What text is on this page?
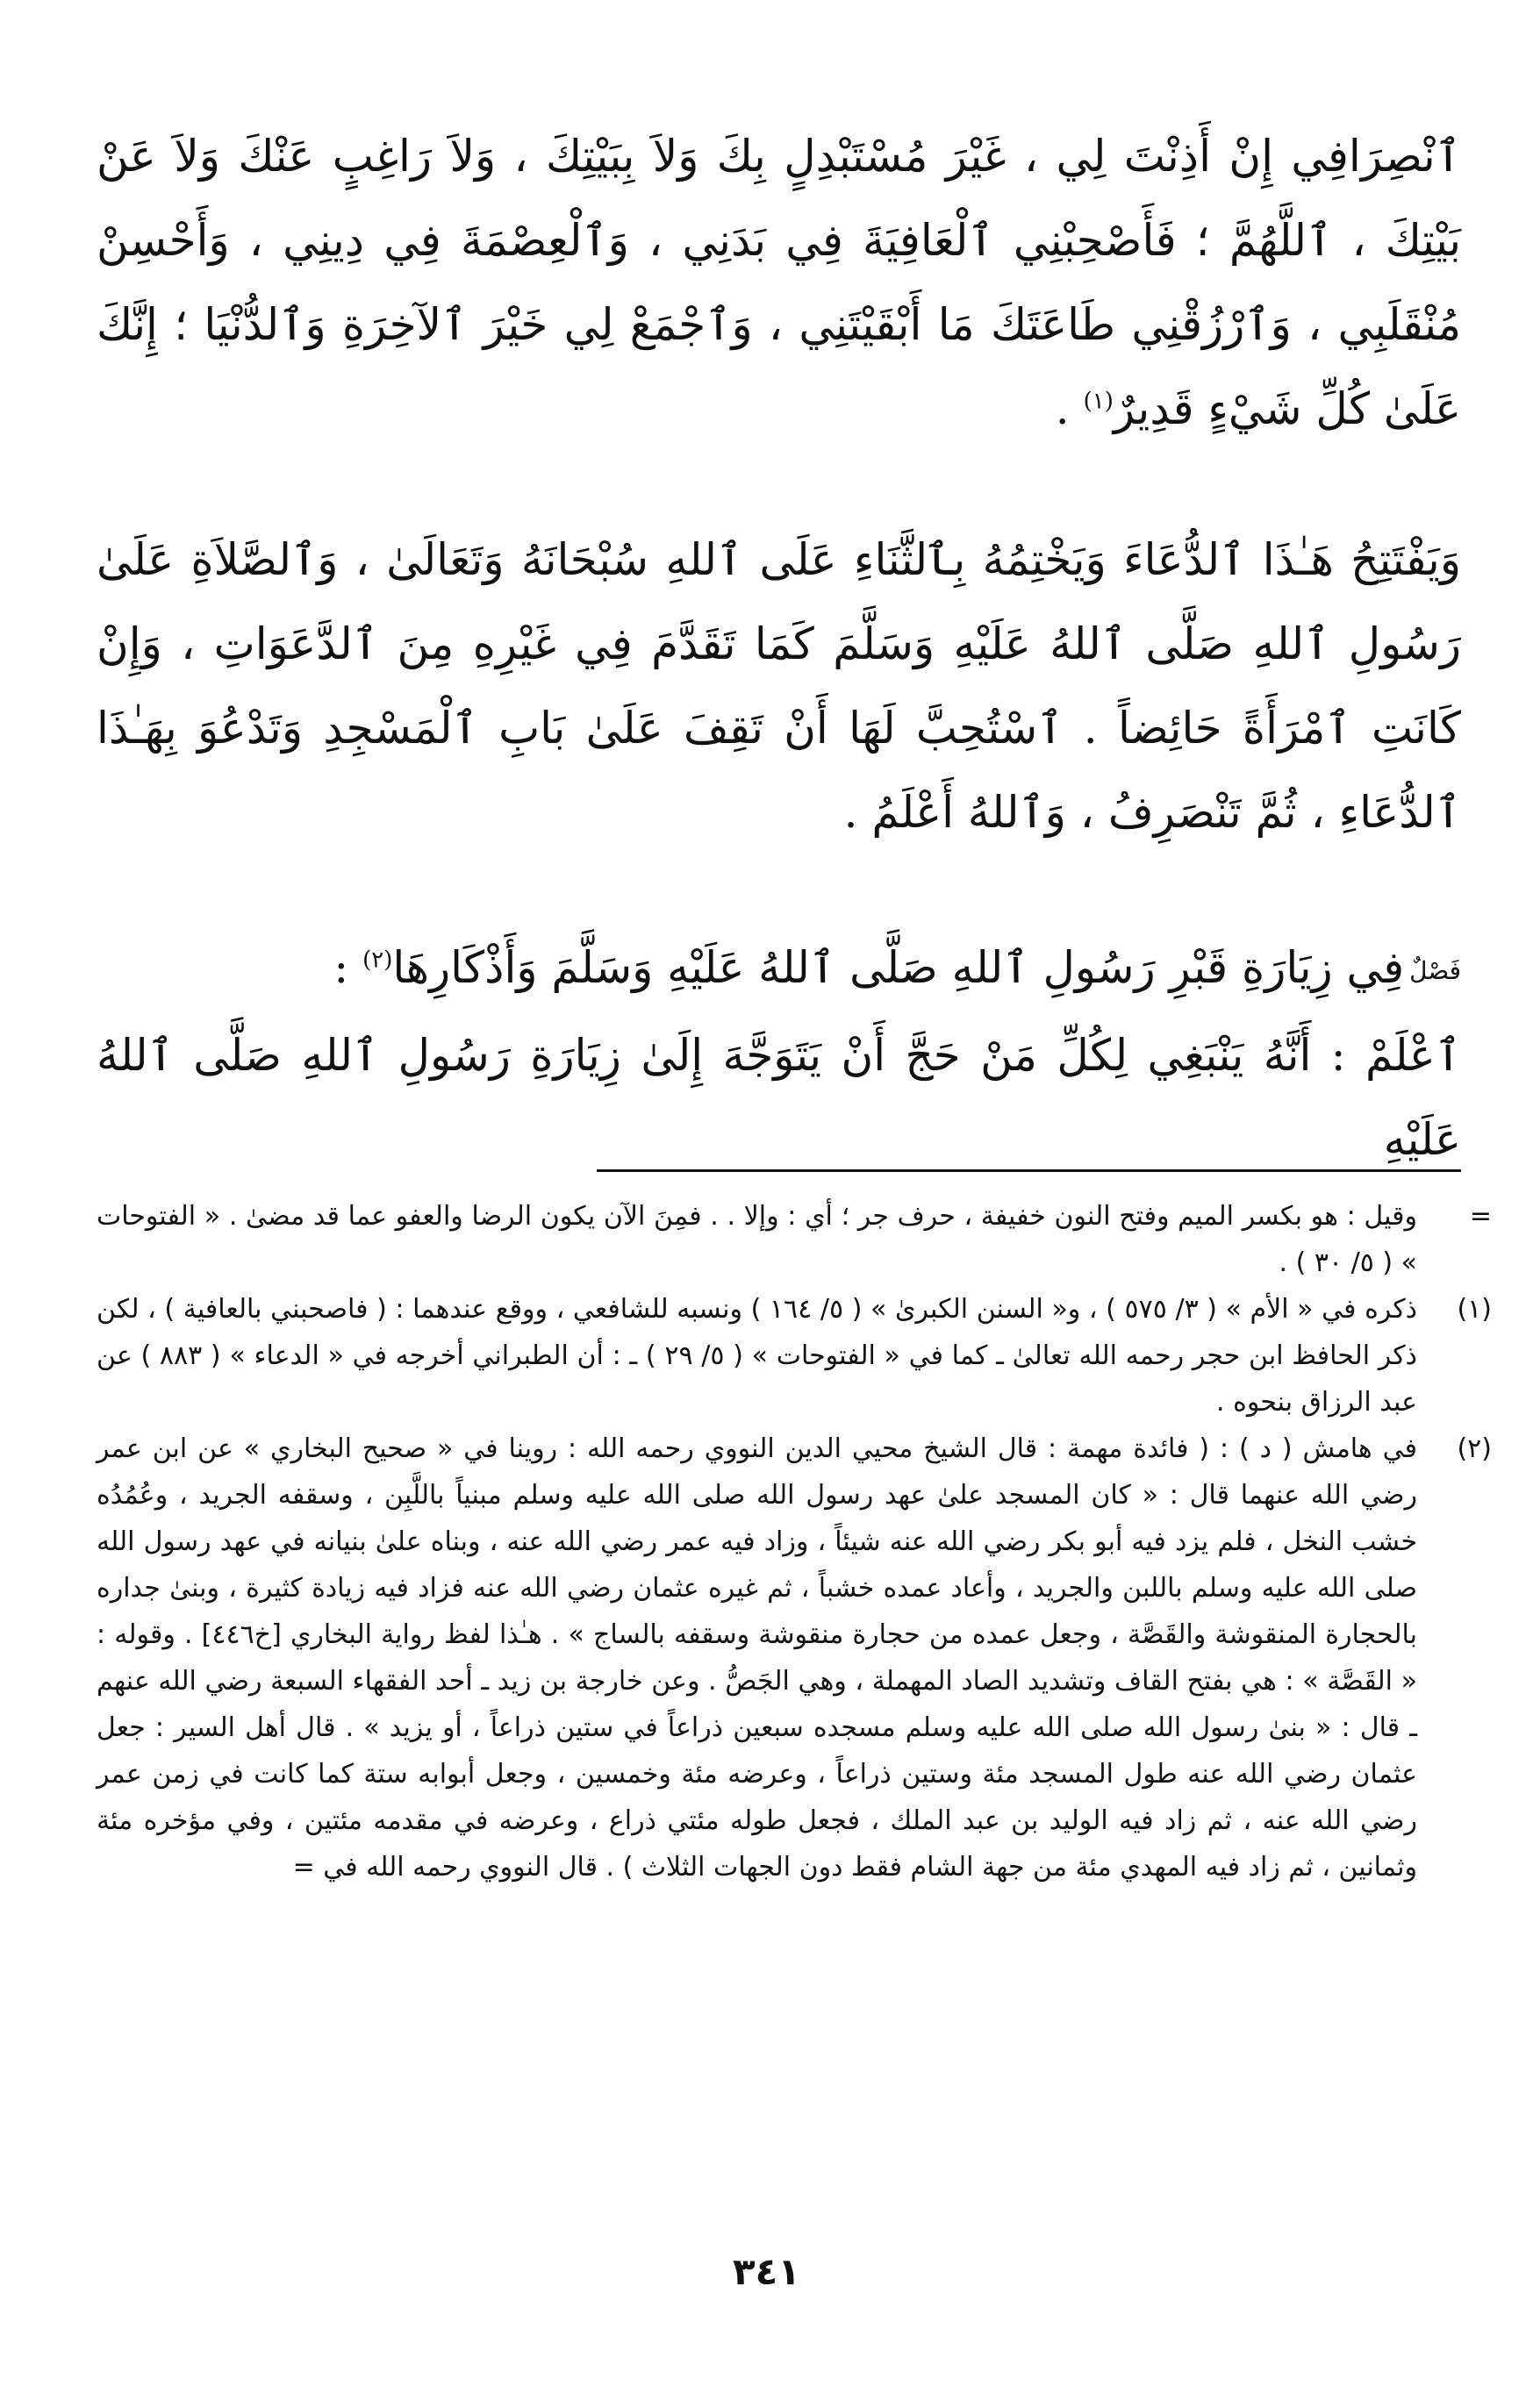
ٱنْصِرَافِي إِنْ أَذِنْتَ لِي ، غَيْرَ مُسْتَبْدِلٍ بِكَ وَلاَ بِبَيْتِكَ ، وَلاَ رَاغِبٍ عَنْكَ وَلاَ عَنْ بَيْتِكَ ، ٱللَّهُمَّ ؛ فَأَصْحِبْنِي ٱلْعَافِيَةَ فِي بَدَنِي ، وَٱلْعِصْمَةَ فِي دِينِي ، وَأَحْسِنْ مُنْقَلَبِي ، وَٱرْزُقْنِي طَاعَتَكَ مَا أَبْقَيْتَنِي ، وَٱجْمَعْ لِي خَيْرَ ٱلآخِرَةِ وَٱلدُّنْيَا ؛ إِنَّكَ عَلَىٰ كُلِّ شَيْءٍ قَدِيرٌ$^{(١)}$ .
وَيَفْتَتِحُ هَـٰذَا ٱلدُّعَاءَ وَيَخْتِمُهُ بِٱلثَّنَاءِ عَلَى ٱللهِ سُبْحَانَهُ وَتَعَالَىٰ ، وَٱلصَّلاَةِ عَلَىٰ رَسُولِ ٱللهِ صَلَّى ٱللهُ عَلَيْهِ وَسَلَّمَ كَمَا تَقَدَّمَ فِي غَيْرِهِ مِنَ ٱلدَّعَوَاتِ ، وَإِنْ كَانَتِ ٱمْرَأَةً حَائِضاً . ٱسْتُحِبَّ لَهَا أَنْ تَقِفَ عَلَىٰ بَابِ ٱلْمَسْجِدِ وَتَدْعُوَ بِهَـٰذَا ٱلدُّعَاءِ ، ثُمَّ تَنْصَرِفُ ، وَٱللهُ أَعْلَمُ .
فَصْلٌفِي زِيَارَةِ قَبْرِ رَسُولِ ٱللهِ صَلَّى ٱللهُ عَلَيْهِ وَسَلَّمَ وَأَذْكَارِهَا$^{(٢)}$ :
ٱعْلَمْ : أَنَّهُ يَنْبَغِي لِكُلِّ مَنْ حَجَّ أَنْ يَتَوَجَّهَ إِلَىٰ زِيَارَةِ رَسُولِ ٱللهِ صَلَّى ٱللهُ عَلَيْهِ
=
وقيل : هو بكسر الميم وفتح النون خفيفة ، حرف جر ؛ أي : وإلا . . فمِنَ الآن يكون الرضا والعفو عما قد مضىٰ . « الفتوحات » ( ٥/ ٣٠ ) .
(١)
ذكره في « الأم » ( ٣/ ٥٧٥ ) ، و« السنن الكبرىٰ » ( ٥/ ١٦٤ ) ونسبه للشافعي ، ووقع عندهما : ( فاصحبني بالعافية ) ، لكن ذكر الحافظ ابن حجر رحمه الله تعالىٰ ـ كما في « الفتوحات » ( ٥/ ٢٩ ) ـ : أن الطبراني أخرجه في « الدعاء » ( ٨٨٣ ) عن عبد الرزاق بنحوه .
(٢)
في هامش ( د ) : ( فائدة مهمة : قال الشيخ محيي الدين النووي رحمه الله : روينا في « صحيح البخاري » عن ابن عمر رضي الله عنهما قال : « كان المسجد علىٰ عهد رسول الله صلى الله عليه وسلم مبنياً باللَّبِن ، وسقفه الجريد ، وعُمُدُه خشب النخل ، فلم يزد فيه أبو بكر رضي الله عنه شيئاً ، وزاد فيه عمر رضي الله عنه ، وبناه علىٰ بنيانه في عهد رسول الله صلى الله عليه وسلم باللبن والجريد ، وأعاد عمده خشباً ، ثم غيره عثمان رضي الله عنه فزاد فيه زيادة كثيرة ، وبنىٰ جداره بالحجارة المنقوشة والقَصَّة ، وجعل عمده من حجارة منقوشة وسقفه بالساج » . هـٰذا لفظ رواية البخاري [خ٤٤٦] . وقوله : « القَصَّة » : هي بفتح القاف وتشديد الصاد المهملة ، وهي الجَصُّ . وعن خارجة بن زيد ـ أحد الفقهاء السبعة رضي الله عنهم ـ قال : « بنىٰ رسول الله صلى الله عليه وسلم مسجده سبعين ذراعاً في ستين ذراعاً ، أو يزيد » . قال أهل السير : جعل عثمان رضي الله عنه طول المسجد مئة وستين ذراعاً ، وعرضه مئة وخمسين ، وجعل أبوابه ستة كما كانت في زمن عمر رضي الله عنه ، ثم زاد فيه الوليد بن عبد الملك ، فجعل طوله مئتي ذراع ، وعرضه في مقدمه مئتين ، وفي مؤخره مئة وثمانين ، ثم زاد فيه المهدي مئة من جهة الشام فقط دون الجهات الثلاث ) . قال النووي رحمه الله في =
٣٤١
